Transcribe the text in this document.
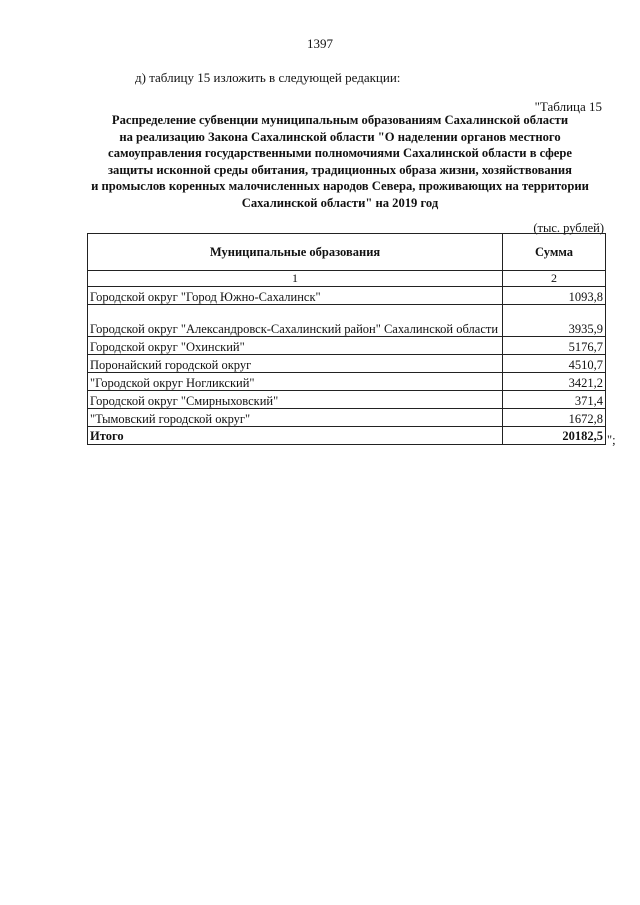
1397
д) таблицу 15 изложить в следующей редакции:
"Таблица 15
Распределение субвенции муниципальным образованиям Сахалинской области
на реализацию Закона Сахалинской области "О наделении органов местного
самоуправления государственными полномочиями Сахалинской области в сфере
защиты исконной среды обитания, традиционных образа жизни, хозяйствования
и промыслов коренных малочисленных народов Севера, проживающих на территории
Сахалинской области" на 2019 год
(тыс. рублей)
Муниципальные образования	Сумма
1	2
Городской округ "Город Южно-Сахалинск"	1093,8
Городской округ "Александровск-Сахалинский район" Сахалинской области	3935,9
Городской округ "Охинский"	5176,7
Поронайский городской округ	4510,7
"Городской округ Ногликский"	3421,2
Городской округ "Смирныховский"	371,4
"Тымовский городской округ"	1672,8
Итого	20182,5 ";
